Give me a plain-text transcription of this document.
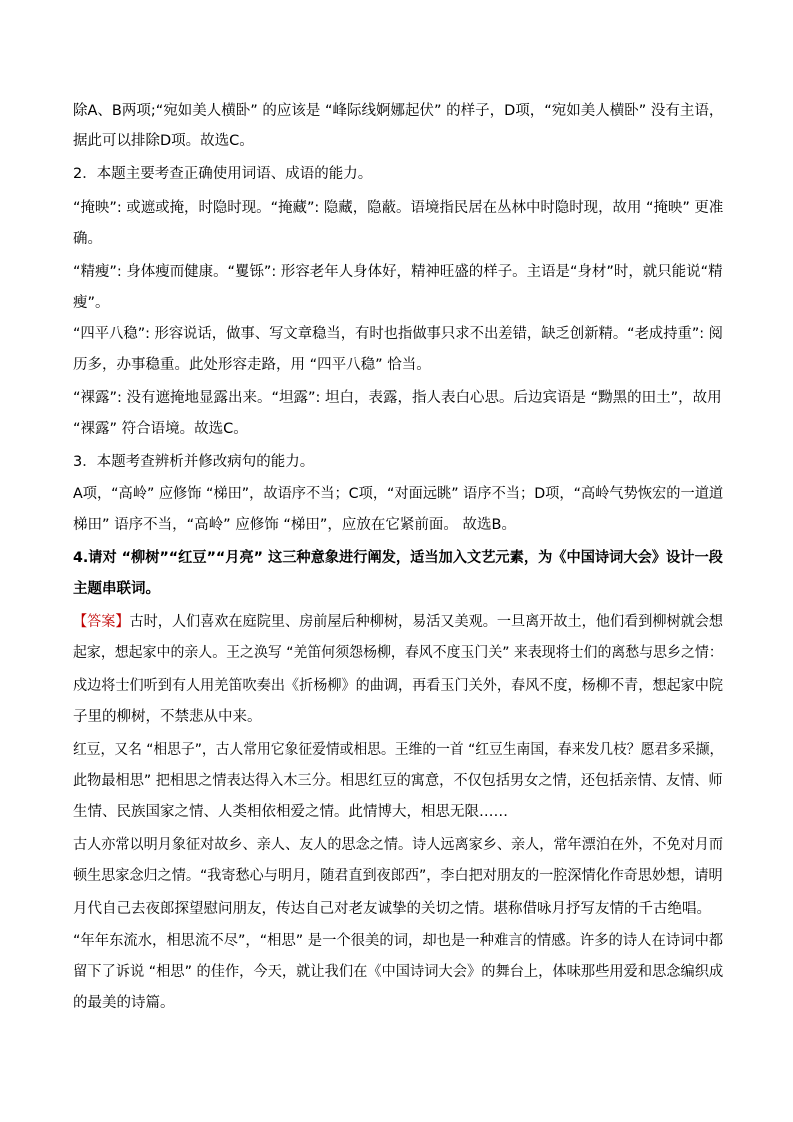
除A、B两项;“宛如美人横卧” 的应该是 “峰际线婀娜起伏” 的样子，D项，“宛如美人横卧” 没有主语，
据此可以排除D项。故选C。
2．本题主要考查正确使用词语、成语的能力。
“掩映”: 或遮或掩，时隐时现。“掩藏”: 隐藏，隐蔽。语境指民居在丛林中时隐时现，故用 “掩映” 更准
确。
“精瘦”: 身体瘦而健康。“矍铄”: 形容老年人身体好，精神旺盛的样子。主语是“身材”时，就只能说“精
瘦”。
“四平八稳”: 形容说话，做事、写文章稳当，有时也指做事只求不出差错，缺乏创新精。“老成持重”: 阅
历多，办事稳重。此处形容走路，用 “四平八稳” 恰当。
“裸露”: 没有遮掩地显露出来。“坦露”: 坦白，表露，指人表白心思。后边宾语是 “黝黑的田土”，故用
“裸露” 符合语境。故选C。
3．本题考查辨析并修改病句的能力。
A项，“高岭” 应修饰 “梯田”，故语序不当；C项，“对面远眺” 语序不当；D项，“高岭气势恢宏的一道道
梯田” 语序不当，“高岭” 应修饰 “梯田”，应放在它紧前面。 故选B。
4.请对 “柳树”“红豆”“月亮” 这三种意象进行阐发，适当加入文艺元素，为《中国诗词大会》设计一段
主题串联词。
【答案】古时，人们喜欢在庭院里、房前屋后种柳树，易活又美观。一旦离开故土，他们看到柳树就会想
起家，想起家中的亲人。王之涣写 “羌笛何须怨杨柳，春风不度玉门关” 来表现将士们的离愁与思乡之情：
戍边将士们听到有人用羌笛吹奏出《折杨柳》的曲调，再看玉门关外，春风不度，杨柳不青，想起家中院
子里的柳树，不禁悲从中来。
红豆，又名 “相思子”，古人常用它象征爱情或相思。王维的一首 “红豆生南国，春来发几枝？愿君多采撷，
此物最相思” 把相思之情表达得入木三分。相思红豆的寓意，不仅包括男女之情，还包括亲情、友情、师
生情、民族国家之情、人类相依相爱之情。此情博大，相思无限……
古人亦常以明月象征对故乡、亲人、友人的思念之情。诗人远离家乡、亲人，常年漂泊在外，不免对月而
顿生思家念归之情。“我寄愁心与明月，随君直到夜郎西”，李白把对朋友的一腔深情化作奇思妙想，请明
月代自己去夜郎探望慰问朋友，传达自己对老友诚挚的关切之情。堪称借咏月抒写友情的千古绝唱。
“年年东流水，相思流不尽”，“相思” 是一个很美的词，却也是一种难言的情感。许多的诗人在诗词中都
留下了诉说 “相思” 的佳作，今天，就让我们在《中国诗词大会》的舞台上，体味那些用爱和思念编织成
的最美的诗篇。
